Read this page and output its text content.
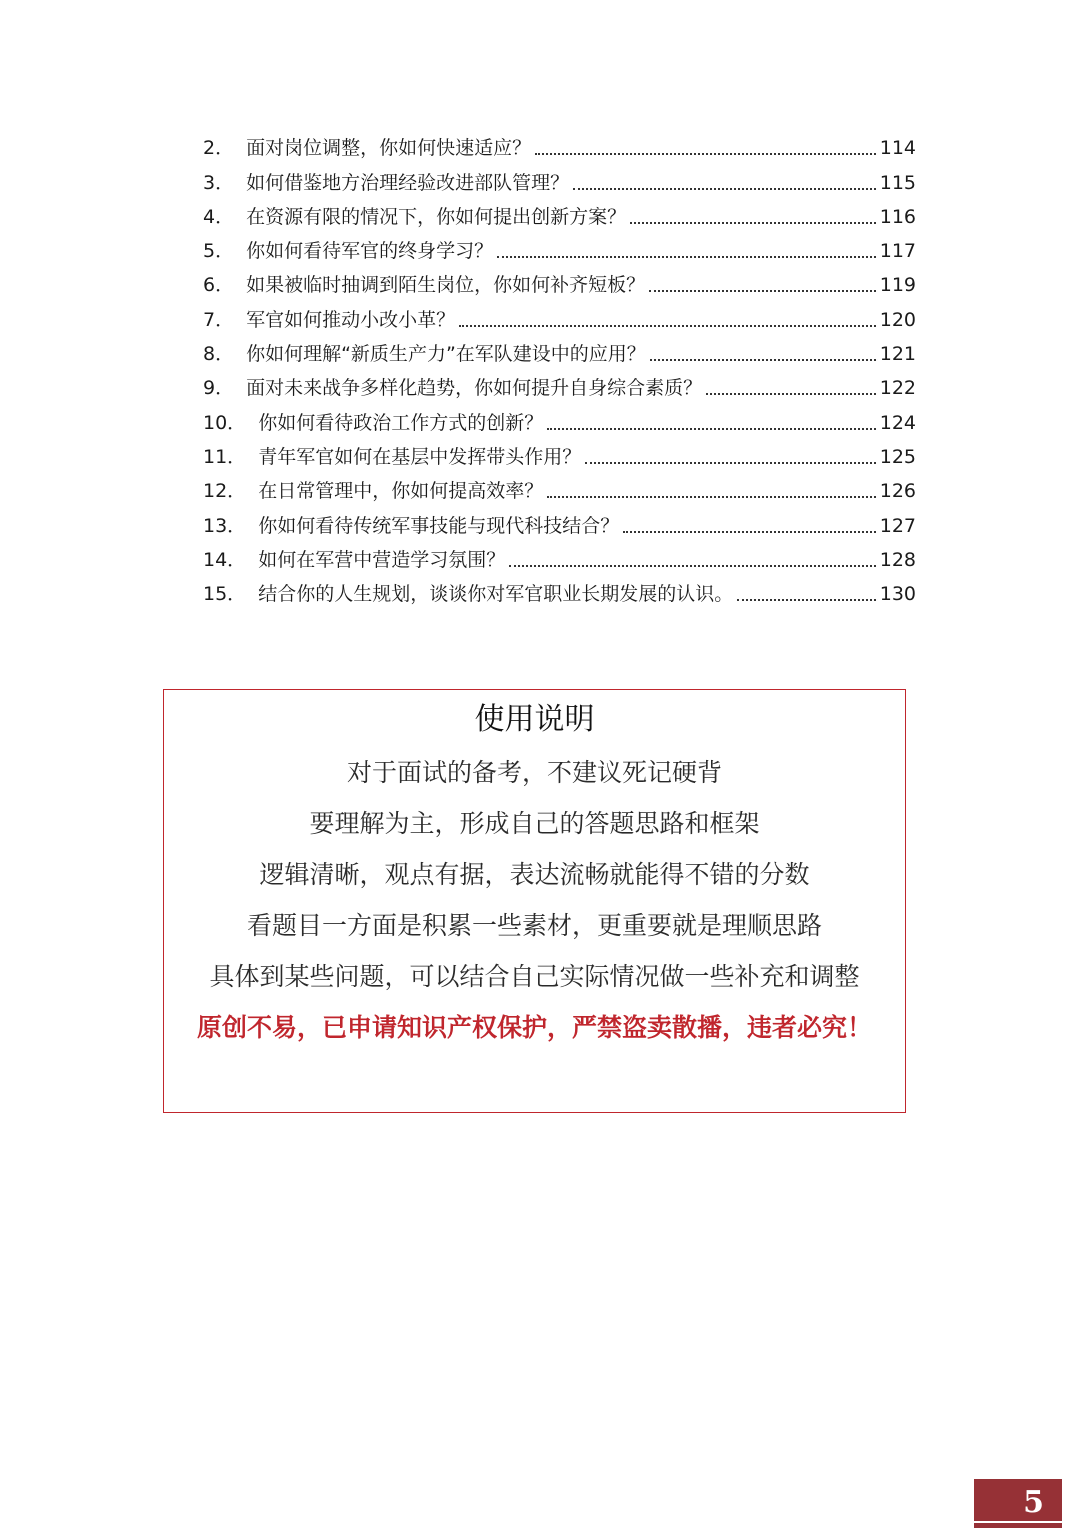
2． 面对岗位调整，你如何快速适应？	114
3． 如何借鉴地方治理经验改进部队管理？	115
4． 在资源有限的情况下，你如何提出创新方案？	116
5． 你如何看待军官的终身学习？	117
6． 如果被临时抽调到陌生岗位，你如何补齐短板？	119
7． 军官如何推动小改小革？	120
8． 你如何理解“新质生产力”在军队建设中的应用？	121
9． 面对未来战争多样化趋势，你如何提升自身综合素质？	122
10． 你如何看待政治工作方式的创新？	124
11． 青年军官如何在基层中发挥带头作用？	125
12． 在日常管理中，你如何提高效率？	126
13． 你如何看待传统军事技能与现代科技结合？	127
14． 如何在军营中营造学习氛围？	128
15． 结合你的人生规划，谈谈你对军官职业长期发展的认识。	130
使用说明
对于面试的备考，不建议死记硬背
要理解为主，形成自己的答题思路和框架
逻辑清晰，观点有据，表达流畅就能得不错的分数
看题目一方面是积累一些素材，更重要就是理顺思路
具体到某些问题，可以结合自己实际情况做一些补充和调整
原创不易，已申请知识产权保护，严禁盗卖散播，违者必究！
5
